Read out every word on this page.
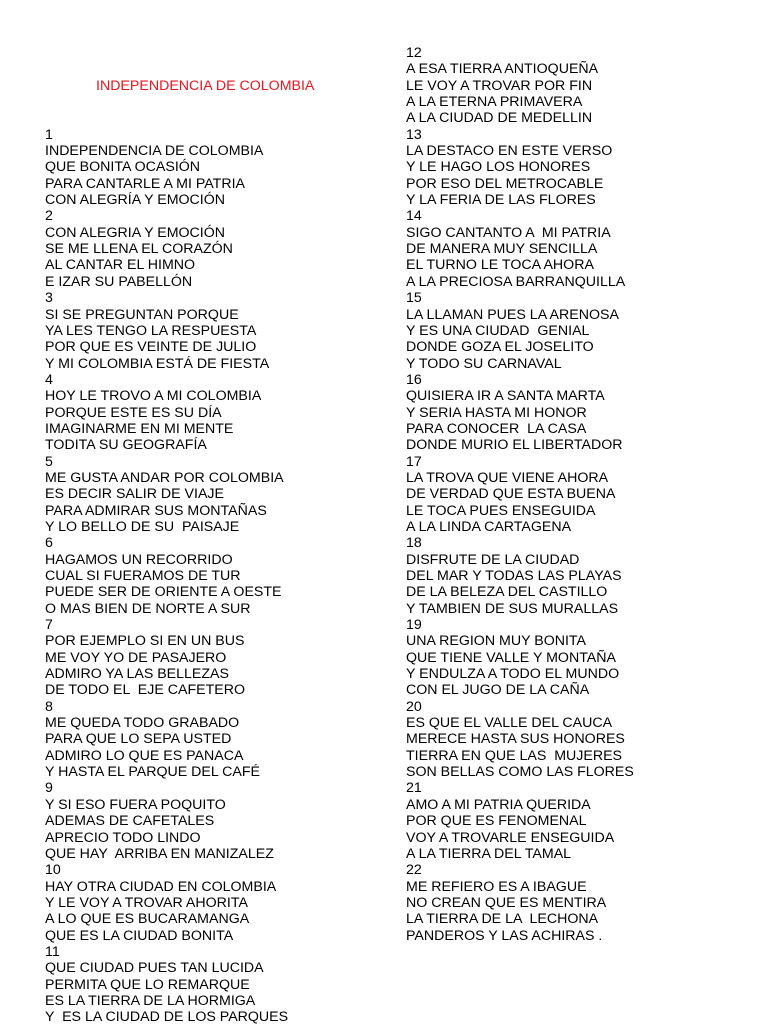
INDEPENDENCIA DE COLOMBIA

1
INDEPENDENCIA DE COLOMBIA
QUE BONITA OCASIÓN
PARA CANTARLE A MI PATRIA
CON ALEGRÍA Y EMOCIÓN
2
CON ALEGRIA Y EMOCIÓN
SE ME LLENA EL CORAZÓN
AL CANTAR EL HIMNO
E IZAR SU PABELLÓN
3
SI SE PREGUNTAN PORQUE
YA LES TENGO LA RESPUESTA
POR QUE ES VEINTE DE JULIO
Y MI COLOMBIA ESTÁ DE FIESTA
4
HOY LE TROVO A MI COLOMBIA
PORQUE ESTE ES SU DÍA
IMAGINARME EN MI MENTE
TODITA SU GEOGRAFÍA
5
ME GUSTA ANDAR POR COLOMBIA
ES DECIR SALIR DE VIAJE
PARA ADMIRAR SUS MONTAÑAS
Y LO BELLO DE SU  PAISAJE
6
HAGAMOS UN RECORRIDO
CUAL SI FUERAMOS DE TUR
PUEDE SER DE ORIENTE A OESTE
O MAS BIEN DE NORTE A SUR
7
POR EJEMPLO SI EN UN BUS
ME VOY YO DE PASAJERO
ADMIRO YA LAS BELLEZAS
DE TODO EL  EJE CAFETERO
8
ME QUEDA TODO GRABADO
PARA QUE LO SEPA USTED
ADMIRO LO QUE ES PANACA
Y HASTA EL PARQUE DEL CAFÉ
9
Y SI ESO FUERA POQUITO
ADEMAS DE CAFETALES
APRECIO TODO LINDO
QUE HAY  ARRIBA EN MANIZALEZ
10
HAY OTRA CIUDAD EN COLOMBIA
Y LE VOY A TROVAR AHORITA
A LO QUE ES BUCARAMANGA
QUE ES LA CIUDAD BONITA
11
QUE CIUDAD PUES TAN LUCIDA
PERMITA QUE LO REMARQUE
ES LA TIERRA DE LA HORMIGA
Y  ES LA CIUDAD DE LOS PARQUES
12
A ESA TIERRA ANTIOQUEÑA
LE VOY A TROVAR POR FIN
A LA ETERNA PRIMAVERA
A LA CIUDAD DE MEDELLIN
13
LA DESTACO EN ESTE VERSO
Y LE HAGO LOS HONORES
POR ESO DEL METROCABLE
Y LA FERIA DE LAS FLORES
14
SIGO CANTANTO A  MI PATRIA
DE MANERA MUY SENCILLA
EL TURNO LE TOCA AHORA
A LA PRECIOSA BARRANQUILLA
15
LA LLAMAN PUES LA ARENOSA
Y ES UNA CIUDAD  GENIAL
DONDE GOZA EL JOSELITO
Y TODO SU CARNAVAL
16
QUISIERA IR A SANTA MARTA
Y SERIA HASTA MI HONOR
PARA CONOCER  LA CASA
DONDE MURIO EL LIBERTADOR
17
LA TROVA QUE VIENE AHORA
DE VERDAD QUE ESTA BUENA
LE TOCA PUES ENSEGUIDA
A LA LINDA CARTAGENA
18
DISFRUTE DE LA CIUDAD
DEL MAR Y TODAS LAS PLAYAS
DE LA BELEZA DEL CASTILLO
Y TAMBIEN DE SUS MURALLAS
19
UNA REGION MUY BONITA
QUE TIENE VALLE Y MONTAÑA
Y ENDULZA A TODO EL MUNDO
CON EL JUGO DE LA CAÑA
20
ES QUE EL VALLE DEL CAUCA
MERECE HASTA SUS HONORES
TIERRA EN QUE LAS  MUJERES
SON BELLAS COMO LAS FLORES
21
AMO A MI PATRIA QUERIDA
POR QUE ES FENOMENAL
VOY A TROVARLE ENSEGUIDA
A LA TIERRA DEL TAMAL
22
ME REFIERO ES A IBAGUE
NO CREAN QUE ES MENTIRA
LA TIERRA DE LA  LECHONA
PANDEROS Y LAS ACHIRAS .
